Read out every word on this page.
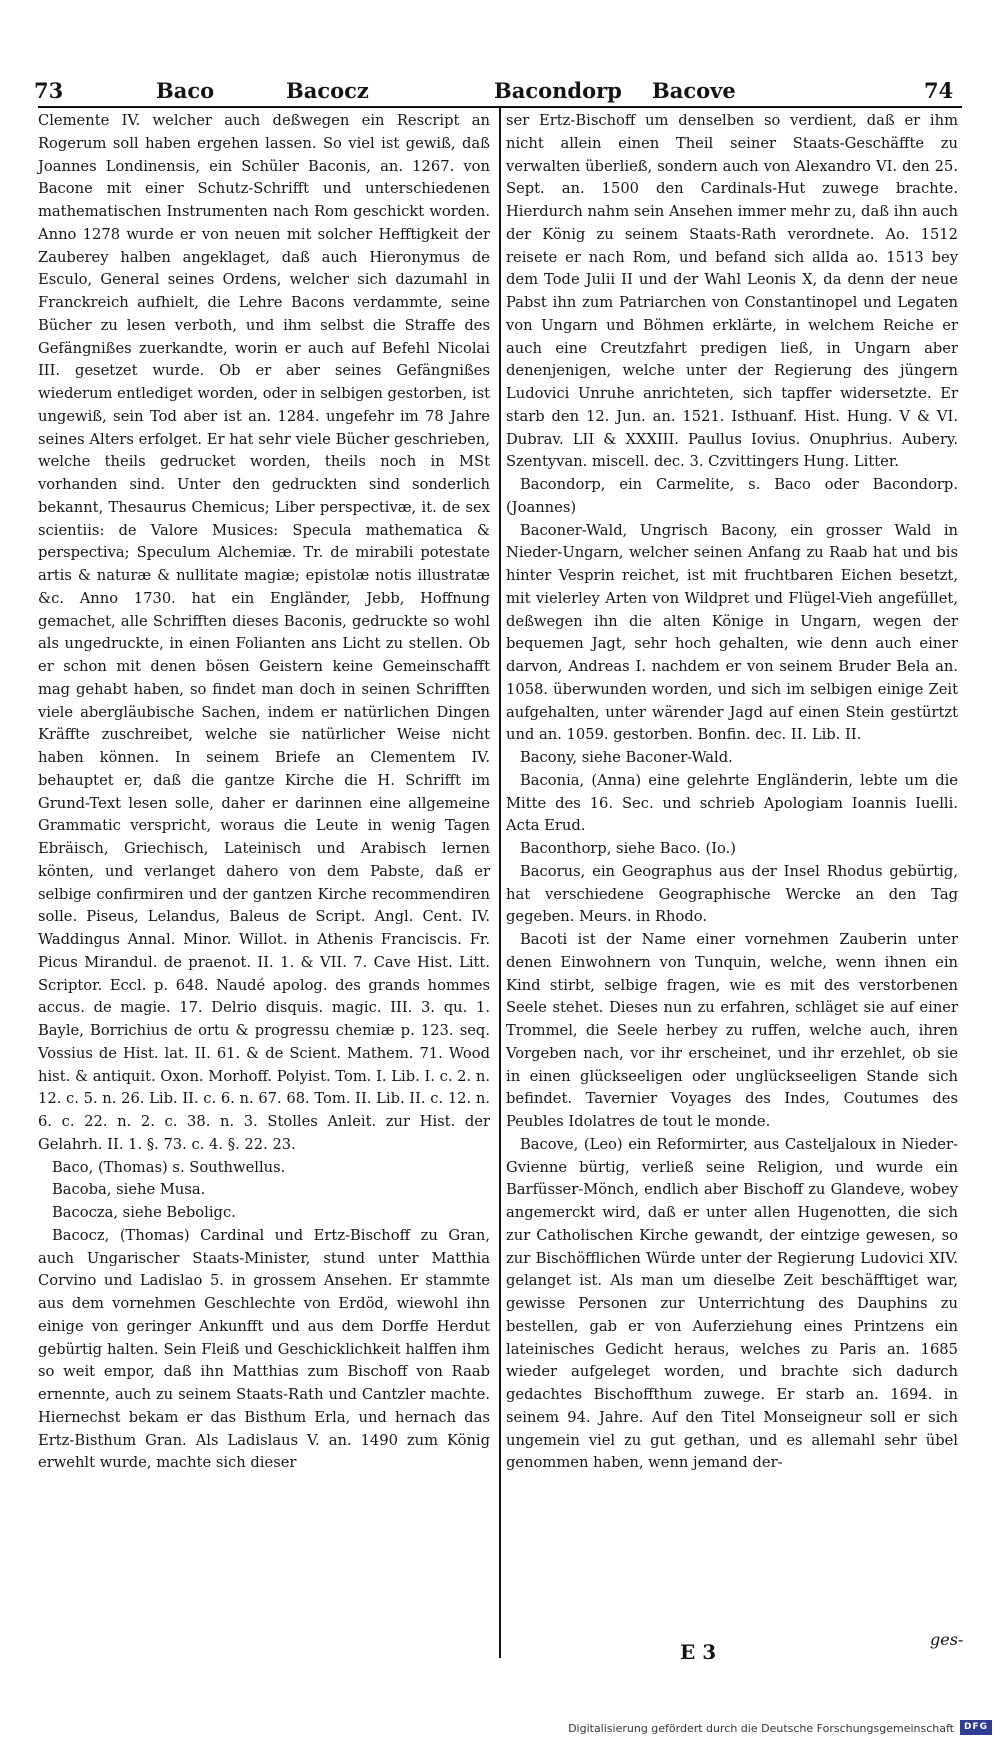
73	Baco	Bacocz	Bacondorp Bacove	74

Clemente IV. welcher auch deßwegen ein Rescript an Rogerum soll haben ergehen lassen. So viel ist gewiß, daß Joannes Londinensis, ein Schüler Baconis, an. 1267. von Bacone mit einer Schutz-Schrifft und unterschiedenen mathematischen Instrumenten nach Rom geschickt worden. Anno 1278 wurde er von neuen mit solcher Hefftigkeit der Zauberey halben angeklaget, daß auch Hieronymus de Esculo, General seines Ordens, welcher sich dazumahl in Franckreich aufhielt, die Lehre Bacons verdammte, seine Bücher zu lesen verboth, und ihm selbst die Straffe des Gefängnißes zuerkandte, worin er auch auf Befehl Nicolai III. gesetzet wurde. Ob er aber seines Gefängnißes wiederum entlediget worden, oder in selbigen gestorben, ist ungewiß, sein Tod aber ist an. 1284. ungefehr im 78 Jahre seines Alters erfolget. Er hat sehr viele Bücher geschrieben, welche theils gedrucket worden, theils noch in MSt vorhanden sind. Unter den gedruckten sind sonderlich bekannt, Thesaurus Chemicus; Liber perspectivæ, it. de sex scientiis: de Valore Musices: Specula mathematica & perspectiva; Speculum Alchemiæ. Tr. de mirabili potestate artis & naturæ & nullitate magiæ; epistolæ notis illustratæ &c. Anno 1730. hat ein Engländer, Jebb, Hoffnung gemachet, alle Schrifften dieses Baconis, gedruckte so wohl als ungedruckte, in einen Folianten ans Licht zu stellen. Ob er schon mit denen bösen Geistern keine Gemeinschafft mag gehabt haben, so findet man doch in seinen Schrifften viele abergläubische Sachen, indem er natürlichen Dingen Kräffte zuschreibet, welche sie natürlicher Weise nicht haben können. In seinem Briefe an Clementem IV. behauptet er, daß die gantze Kirche die H. Schrifft im Grund-Text lesen solle, daher er darinnen eine allgemeine Grammatic verspricht, woraus die Leute in wenig Tagen Ebräisch, Griechisch, Lateinisch und Arabisch lernen könten, und verlanget dahero von dem Pabste, daß er selbige confirmiren und der gantzen Kirche recommendiren solle. Piseus, Lelandus, Baleus de Script. Angl. Cent. IV. Waddingus Annal. Minor. Willot. in Athenis Franciscis. Fr. Picus Mirandul. de praenot. II. 1. & VII. 7. Cave Hist. Litt. Scriptor. Eccl. p. 648. Naudé apolog. des grands hommes accus. de magie. 17. Delrio disquis. magic. III. 3. qu. 1. Bayle, Borrichius de ortu & progressu chemiæ p. 123. seq. Vossius de Hist. lat. II. 61. & de Scient. Mathem. 71. Wood hist. & antiquit. Oxon. Morhoff. Polyist. Tom. I. Lib. I. c. 2. n. 12. c. 5. n. 26. Lib. II. c. 6. n. 67. 68. Tom. II. Lib. II. c. 12. n. 6. c. 22. n. 2. c. 38. n. 3. Stolles Anleit. zur Hist. der Gelahrh. II. 1. §. 73. c. 4. §. 22. 23.

Baco, (Thomas) s. Southwellus.

Bacoba, siehe Musa.

Bacocza, siehe Beboligc.

Bacocz, (Thomas) Cardinal und Ertz-Bischoff zu Gran, auch Ungarischer Staats-Minister, stund unter Matthia Corvino und Ladislao 5. in grossem Ansehen. Er stammte aus dem vornehmen Geschlechte von Erdöd, wiewohl ihn einige von geringer Ankunfft und aus dem Dorffe Herdut gebürtig halten. Sein Fleiß und Geschicklichkeit halffen ihm so weit empor, daß ihn Matthias zum Bischoff von Raab ernennte, auch zu seinem Staats-Rath und Cantzler machte. Hiernechst bekam er das Bisthum Erla, und hernach das Ertz-Bisthum Gran. Als Ladislaus V. an. 1490 zum König erwehlt wurde, machte sich dieser

ser Ertz-Bischoff um denselben so verdient, daß er ihm nicht allein einen Theil seiner Staats-Geschäffte zu verwalten überließ, sondern auch von Alexandro VI. den 25. Sept. an. 1500 den Cardinals-Hut zuwege brachte. Hierdurch nahm sein Ansehen immer mehr zu, daß ihn auch der König zu seinem Staats-Rath verordnete. Ao. 1512 reisete er nach Rom, und befand sich allda ao. 1513 bey dem Tode Julii II und der Wahl Leonis X, da denn der neue Pabst ihn zum Patriarchen von Constantinopel und Legaten von Ungarn und Böhmen erklärte, in welchem Reiche er auch eine Creutzfahrt predigen ließ, in Ungarn aber denenjenigen, welche unter der Regierung des jüngern Ludovici Unruhe anrichteten, sich tapffer widersetzte. Er starb den 12. Jun. an. 1521. Isthuanf. Hist. Hung. V & VI. Dubrav. LII & XXXIII. Paullus Iovius. Onuphrius. Aubery. Szentyvan. miscell. dec. 3. Czvittingers Hung. Litter.

Bacondorp, ein Carmelite, s. Baco oder Bacondorp. (Joannes)

Baconer-Wald, Ungrisch Bacony, ein grosser Wald in Nieder-Ungarn, welcher seinen Anfang zu Raab hat und bis hinter Vesprin reichet, ist mit fruchtbaren Eichen besetzt, mit vielerley Arten von Wildpret und Flügel-Vieh angefüllet, deßwegen ihn die alten Könige in Ungarn, wegen der bequemen Jagt, sehr hoch gehalten, wie denn auch einer darvon, Andreas I. nachdem er von seinem Bruder Bela an. 1058. überwunden worden, und sich im selbigen einige Zeit aufgehalten, unter wärender Jagd auf einen Stein gestürtzt und an. 1059. gestorben. Bonfin. dec. II. Lib. II.

Bacony, siehe Baconer-Wald.

Baconia, (Anna) eine gelehrte Engländerin, lebte um die Mitte des 16. Sec. und schrieb Apologiam Ioannis Iuelli. Acta Erud.

Baconthorp, siehe Baco. (Io.)

Bacorus, ein Geographus aus der Insel Rhodus gebürtig, hat verschiedene Geographische Wercke an den Tag gegeben. Meurs. in Rhodo.

Bacoti ist der Name einer vornehmen Zauberin unter denen Einwohnern von Tunquin, welche, wenn ihnen ein Kind stirbt, selbige fragen, wie es mit des verstorbenen Seele stehet. Dieses nun zu erfahren, schläget sie auf einer Trommel, die Seele herbey zu ruffen, welche auch, ihren Vorgeben nach, vor ihr erscheinet, und ihr erzehlet, ob sie in einen glückseeligen oder unglückseeligen Stande sich befindet. Tavernier Voyages des Indes, Coutumes des Peubles Idolatres de tout le monde.

Bacove, (Leo) ein Reformirter, aus Casteljaloux in Nieder-Gvienne bürtig, verließ seine Religion, und wurde ein Barfüsser-Mönch, endlich aber Bischoff zu Glandeve, wobey angemerckt wird, daß er unter allen Hugenotten, die sich zur Catholischen Kirche gewandt, der eintzige gewesen, so zur Bischöfflichen Würde unter der Regierung Ludovici XIV. gelanget ist. Als man um dieselbe Zeit beschäfftiget war, gewisse Personen zur Unterrichtung des Dauphins zu bestellen, gab er von Auferziehung eines Printzens ein lateinisches Gedicht heraus, welches zu Paris an. 1685 wieder aufgeleget worden, und brachte sich dadurch gedachtes Bischoffthum zuwege. Er starb an. 1694. in seinem 94. Jahre. Auf den Titel Monseigneur soll er sich ungemein viel zu gut gethan, und es allemahl sehr übel genommen haben, wenn jemand der-

E 3
ges-
Digitalisierung gefördert durch die Deutsche Forschungsgemeinschaft	DFG
